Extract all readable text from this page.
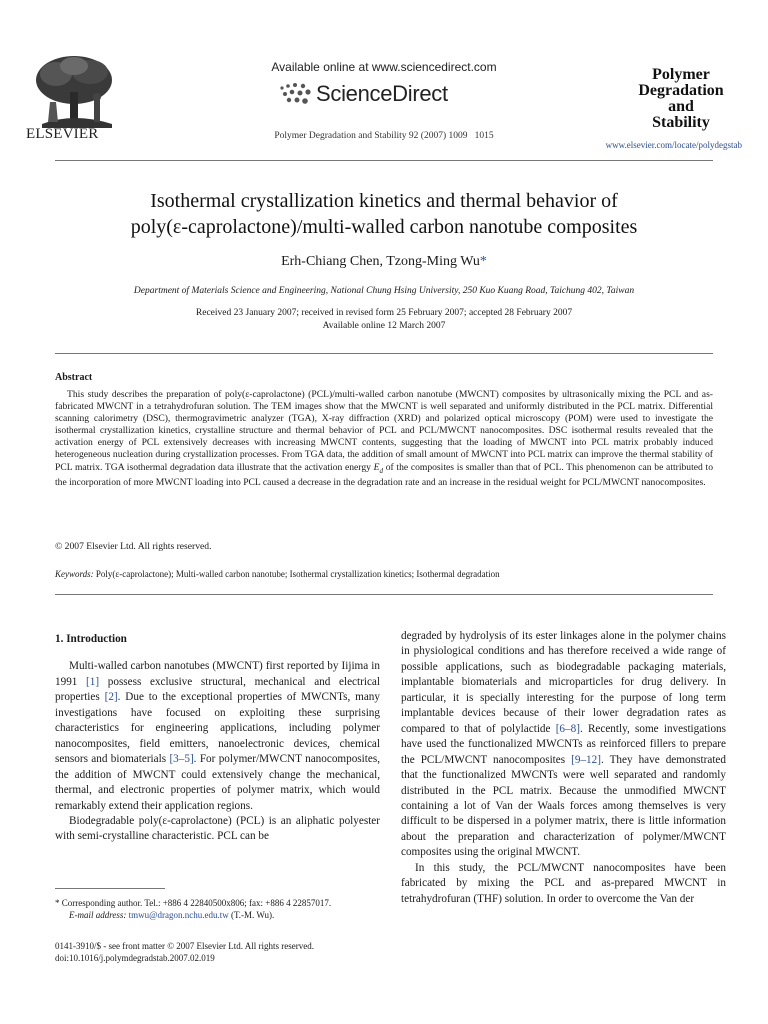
ELSEVIER
Available online at www.sciencedirect.com
ScienceDirect
Polymer Degradation and Stability 92 (2007) 1009   1015
Polymer
Degradation
and
Stability
www.elsevier.com/locate/polydegstab
Isothermal crystallization kinetics and thermal behavior of
poly(ε-caprolactone)/multi-walled carbon nanotube composites
Erh-Chiang Chen, Tzong-Ming Wu*
Department of Materials Science and Engineering, National Chung Hsing University, 250 Kuo Kuang Road, Taichung 402, Taiwan
Received 23 January 2007; received in revised form 25 February 2007; accepted 28 February 2007
Available online 12 March 2007
Abstract

This study describes the preparation of poly(ε-caprolactone) (PCL)/multi-walled carbon nanotube (MWCNT) composites by ultrasonically mixing the PCL and as-fabricated MWCNT in a tetrahydrofuran solution. The TEM images show that the MWCNT is well separated and uniformly distributed in the PCL matrix. Differential scanning calorimetry (DSC), thermogravimetric analyzer (TGA), X-ray diffraction (XRD) and polarized optical microscopy (POM) were used to investigate the isothermal crystallization kinetics, crystalline structure and thermal behavior of PCL and PCL/MWCNT nanocomposites. DSC isothermal results revealed that the activation energy of PCL extensively decreases with increasing MWCNT contents, suggesting that the loading of MWCNT into PCL matrix probably induced heterogeneous nucleation during crystallization processes. From TGA data, the addition of small amount of MWCNT into PCL matrix can improve the thermal stability of PCL matrix. TGA isothermal degradation data illustrate that the activation energy $E_d$ of the composites is smaller than that of PCL. This phenomenon can be attributed to the incorporation of more MWCNT loading into PCL caused a decrease in the degradation rate and an increase in the residual weight for PCL/MWCNT nanocomposites.

© 2007 Elsevier Ltd. All rights reserved.
Keywords: Poly(ε-caprolactone); Multi-walled carbon nanotube; Isothermal crystallization kinetics; Isothermal degradation
1. Introduction

Multi-walled carbon nanotubes (MWCNT) first reported by Iijima in 1991 [1] possess exclusive structural, mechanical and electrical properties [2]. Due to the exceptional properties of MWCNTs, many investigations have focused on exploiting these surprising characteristics for engineering applications, including polymer nanocomposites, field emitters, nanoelectronic devices, chemical sensors and biomaterials [3–5]. For polymer/MWCNT nanocomposites, the addition of MWCNT could extensively change the mechanical, thermal, and electronic properties of polymer matrix, which would remarkably extend their application regions.

Biodegradable poly(ε-caprolactone) (PCL) is an aliphatic polyester with semi-crystalline characteristic. PCL can be

degraded by hydrolysis of its ester linkages alone in the polymer chains in physiological conditions and has therefore received a wide range of possible applications, such as biodegradable packaging materials, implantable biomaterials and microparticles for drug delivery. In particular, it is specially interesting for the purpose of long term implantable devices because of their lower degradation rates as compared to that of polylactide [6–8]. Recently, some investigations have used the functionalized MWCNTs as reinforced fillers to prepare the PCL/MWCNT nanocomposites [9–12]. They have demonstrated that the functionalized MWCNTs were well separated and randomly distributed in the PCL matrix. Because the unmodified MWCNT containing a lot of Van der Waals forces among themselves is very difficult to be dispersed in a polymer matrix, there is little information about the preparation and characterization of polymer/MWCNT composites using the original MWCNT.

In this study, the PCL/MWCNT nanocomposites have been fabricated by mixing the PCL and as-prepared MWCNT in tetrahydrofuran (THF) solution. In order to overcome the Van der

* Corresponding author. Tel.: +886 4 22840500x806; fax: +886 4 22857017.
E-mail address: tmwu@dragon.nchu.edu.tw (T.-M. Wu).
0141-3910/$ - see front matter © 2007 Elsevier Ltd. All rights reserved.
doi:10.1016/j.polymdegradstab.2007.02.019
